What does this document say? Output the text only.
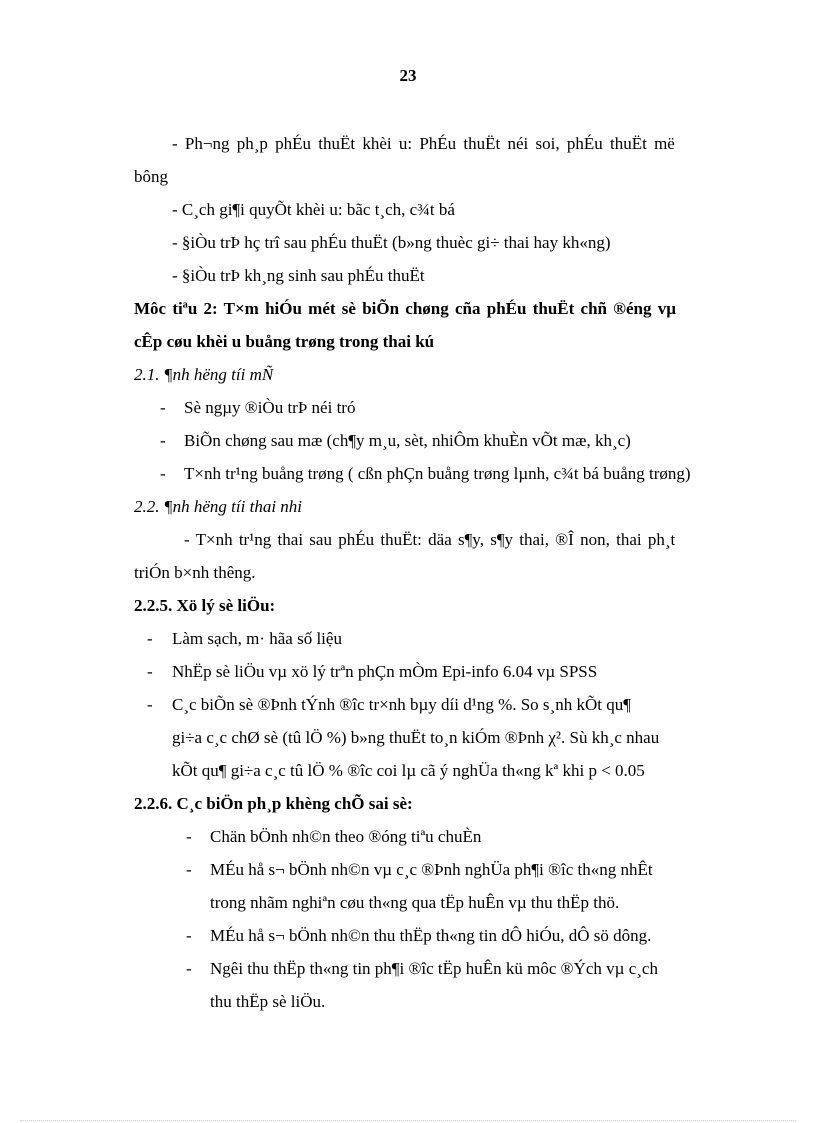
23
- Ph¬ng ph¸p phÉu thuËt khèi u: PhÉu thuËt néi soi, phÉu thuËt më
bông
- C¸ch gi¶i quyÕt khèi u: bãc t¸ch, c¾t bá
- §iÒu trÞ hç trî sau phÉu thuËt (b»ng thuèc gi÷ thai hay kh«ng)
- §iÒu trÞ kh¸ng sinh sau phÉu thuËt
Môc tiªu 2: T×m hiÓu mét sè biÕn chøng cña phÉu thuËt chñ ®éng vµ
cÊp cøu khèi u buång trøng trong thai kú
2.1. ¶nh hëng tíi mÑ
- Sè ngµy ®iÒu trÞ néi tró
- BiÕn chøng sau mæ (ch¶y m¸u, sèt, nhiÔm khuÈn vÕt mæ, kh¸c)
- T×nh tr¹ng buång trøng ( cßn phÇn buång trøng lµnh, c¾t bá buång trøng)
2.2. ¶nh hëng tíi thai nhi
- T×nh tr¹ng thai sau phÉu thuËt: däa s¶y, s¶y thai, ®Î non, thai ph¸t
triÓn b×nh thêng.
2.2.5. Xö lý sè liÖu:
- Làm sạch, m· hãa số liệu
- NhËp sè liÖu vµ xö lý trªn phÇn mÒm Epi-info 6.04 vµ SPSS
- C¸c biÕn sè ®Þnh tÝnh ®îc tr×nh bµy díi d¹ng %. So s¸nh kÕt qu¶
gi÷a c¸c chØ sè (tû lÖ %) b»ng thuËt to¸n kiÓm ®Þnh χ². Sù kh¸c nhau
kÕt qu¶ gi÷a c¸c tû lÖ % ®îc coi lµ cã ý nghÜa th«ng kª khi p < 0.05
2.2.6. C¸c biÖn ph¸p khèng chÕ sai sè:
- Chän bÖnh nh©n theo ®óng tiªu chuÈn
- MÉu hå s¬ bÖnh nh©n vµ c¸c ®Þnh nghÜa ph¶i ®îc th«ng nhÊt
trong nhãm nghiªn cøu th«ng qua tËp huÊn vµ thu thËp thö.
- MÉu hå s¬ bÖnh nh©n thu thËp th«ng tin dÔ hiÓu, dÔ sö dông.
- Ngêi thu thËp th«ng tin ph¶i ®îc tËp huÊn kü môc ®Ých vµ c¸ch
thu thËp sè liÖu.
